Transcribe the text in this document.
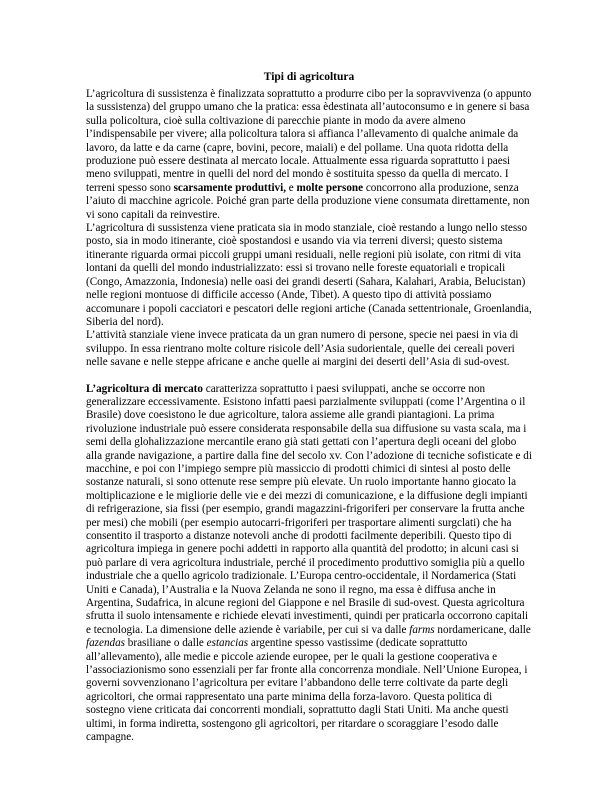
Tipi di agricoltura

L’agricoltura di sussistenza è finalizzata soprattutto a produrre cibo per la sopravvivenza (o appunto la sussistenza) del gruppo umano che la pratica: essa èdestinata all’autoconsumo e in genere si basa sulla policoltura, cioè sulla coltivazione di parecchie piante in modo da avere almeno l’indispensabile per vivere; alla policoltura talora si affianca l’allevamento di qualche animale da lavoro, da latte e da carne (capre, bovini, pecore, maiali) e del pollame. Una quota ridotta della produzione può essere destinata al mercato locale. Attualmente essa riguarda soprattutto i paesi meno sviluppati, mentre in quelli del nord del mondo è sostituita spesso da quella di mercato. I terreni spesso sono scarsamente produttivi, e molte persone concorrono alla produzione, senza l’aiuto di macchine agricole. Poiché gran parte della produzione viene consumata direttamente, non vi sono capitali da reinvestire.

L’agricoltura di sussistenza viene praticata sia in modo stanziale, cioè restando a lungo nello stesso posto, sia in modo itinerante, cioè spostandosi e usando via via terreni diversi; questo sistema itinerante riguarda ormai piccoli gruppi umani residuali, nelle regioni più isolate, con ritmi di vita lontani da quelli del mondo industrializzato: essi si trovano nelle foreste equatoriali e tropicali (Congo, Amazzonia, Indonesia) nelle oasi dei grandi deserti (Sahara, Kalahari, Arabia, Belucistan) nelle regioni montuose di difficile accesso (Ande, Tibet). A questo tipo di attività possiamo accomunare i popoli cacciatori e pescatori delle regioni artiche (Canada settentrionale, Groenlandia, Siberia del nord).

L’attività stanziale viene invece praticata da un gran numero di persone, specie nei paesi in via di sviluppo. In essa rientrano molte colture risicole dell’Asia sudorientale, quelle dei cereali poveri nelle savane e nelle steppe africane e anche quelle ai margini dei deserti dell’Asia di sud-ovest.

L’agricoltura di mercato caratterizza soprattutto i paesi sviluppati, anche se occorre non generalizzare eccessivamente. Esistono infatti paesi parzialmente sviluppati (come l’Argentina o il Brasile) dove coesistono le due agricolture, talora assieme alle grandi piantagioni. La prima rivoluzione industriale può essere considerata responsabile della sua diffusione su vasta scala, ma i semi della glohalizzazione mercantile erano già stati gettati con l’apertura degli oceani del globo alla grande navigazione, a partire dalla fine del secolo xv. Con l’adozione di tecniche sofisticate e di macchine, e poi con l’impiego sempre più massiccio di prodotti chimici di sintesi al posto delle sostanze naturali, si sono ottenute rese sempre più elevate. Un ruolo importante hanno giocato la moltiplicazione e le migliorie delle vie e dei mezzi di comunicazione, e la diffusione degli impianti di refrigerazione, sia fissi (per esempio, grandi magazzini-frigoriferi per conservare la frutta anche per mesi) che mobili (per esempio autocarri-frigoriferi per trasportare alimenti surgclati) che ha consentito il trasporto a distanze notevoli anche di prodotti facilmente deperibili. Questo tipo di agricoltura impiega in genere pochi addetti in rapporto alla quantità del prodotto; in alcuni casi si può parlare di vera agricoltura industriale, perché il procedimento produttivo somiglia più a quello industriale che a quello agricolo tradizionale. L’Europa centro-occidentale, il Nordamerica (Stati Uniti e Canada), l’Australia e la Nuova Zelanda ne sono il regno, ma essa è diffusa anche in Argentina, Sudafrica, in alcune regioni del Giappone e nel Brasile di sud-ovest. Questa agricoltura sfrutta il suolo intensamente e richiede elevati investimenti, quindi per praticarla occorrono capitali e tecnologia. La dimensione delle aziende è variabile, per cui si va dalle farms nordamericane, dalle fazendas brasiliane o dalle estancias argentine spesso vastissime (dedicate soprattutto all’allevamento), alle medie e piccole aziende europee, per le quali la gestione cooperativa e l’associazionismo sono essenziali per far fronte alla concorrenza mondiale. Nell’Unione Europea, i governi sovvenzionano l’agricoltura per evitare l’abbandono delle terre coltivate da parte degli agricoltori, che ormai rappresentato una parte minima della forza-lavoro. Questa politica di sostegno viene criticata dai concorrenti mondiali, soprattutto dagli Stati Uniti. Ma anche questi ultimi, in forma indiretta, sostengono gli agricoltori, per ritardare o scoraggiare l’esodo dalle campagne.
